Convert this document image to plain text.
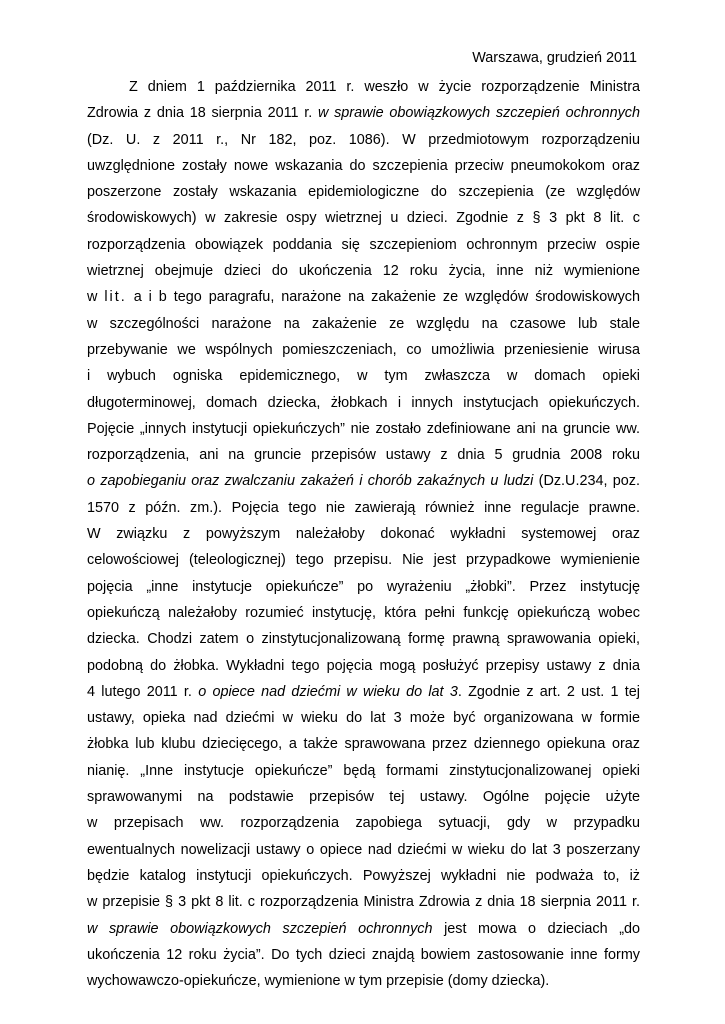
Warszawa, grudzień 2011
Z dniem 1 października 2011 r. weszło w życie rozporządzenie Ministra
Zdrowia z dnia 18 sierpnia 2011 r. w sprawie obowiązkowych szczepień ochronnych
(Dz. U. z 2011 r., Nr 182, poz. 1086). W przedmiotowym rozporządzeniu
uwzględnione zostały nowe wskazania do szczepienia przeciw pneumokokom oraz
poszerzone zostały wskazania epidemiologiczne do szczepienia (ze względów
środowiskowych) w zakresie ospy wietrznej u dzieci. Zgodnie z § 3 pkt 8 lit. c
rozporządzenia obowiązek poddania się szczepieniom ochronnym przeciw ospie
wietrznej obejmuje dzieci do ukończenia 12 roku życia, inne niż wymienione
w lit. a i b tego paragrafu, narażone na zakażenie ze względów środowiskowych
w szczególności narażone na zakażenie ze względu na czasowe lub stale
przebywanie we wspólnych pomieszczeniach, co umożliwia przeniesienie wirusa
i wybuch ogniska epidemicznego, w tym zwłaszcza w domach opieki
długoterminowej, domach dziecka, żłobkach i innych instytucjach opiekuńczych.
Pojęcie „innych instytucji opiekuńczych” nie zostało zdefiniowane ani na gruncie ww.
rozporządzenia, ani na gruncie przepisów ustawy z dnia 5 grudnia 2008 roku
o zapobieganiu oraz zwalczaniu zakażeń i chorób zakaźnych u ludzi (Dz.U.234, poz.
1570 z późn. zm.). Pojęcia tego nie zawierają również inne regulacje prawne.
W związku z powyższym należałoby dokonać wykładni systemowej oraz
celowościowej (teleologicznej) tego przepisu. Nie jest przypadkowe wymienienie
pojęcia „inne instytucje opiekuńcze” po wyrażeniu „żłobki”. Przez instytucję
opiekuńczą należałoby rozumieć instytucję, która pełni funkcję opiekuńczą wobec
dziecka. Chodzi zatem o zinstytucjonalizowaną formę prawną sprawowania opieki,
podobną do żłobka. Wykładni tego pojęcia mogą posłużyć przepisy ustawy z dnia
4 lutego 2011 r. o opiece nad dziećmi w wieku do lat 3. Zgodnie z art. 2 ust. 1 tej
ustawy, opieka nad dziećmi w wieku do lat 3 może być organizowana w formie
żłobka lub klubu dziecięcego, a także sprawowana przez dziennego opiekuna oraz
nianię. „Inne instytucje opiekuńcze” będą formami zinstytucjonalizowanej opieki
sprawowanymi na podstawie przepisów tej ustawy. Ogólne pojęcie użyte
w przepisach ww. rozporządzenia zapobiega sytuacji, gdy w przypadku
ewentualnych nowelizacji ustawy o opiece nad dziećmi w wieku do lat 3 poszerzany
będzie katalog instytucji opiekuńczych. Powyższej wykładni nie podważa to, iż
w przepisie § 3 pkt 8 lit. c rozporządzenia Ministra Zdrowia z dnia 18 sierpnia 2011 r.
w sprawie obowiązkowych szczepień ochronnych jest mowa o dzieciach „do
ukończenia 12 roku życia”. Do tych dzieci znajdą bowiem zastosowanie inne formy
wychowawczo-opiekuńcze, wymienione w tym przepisie (domy dziecka).
